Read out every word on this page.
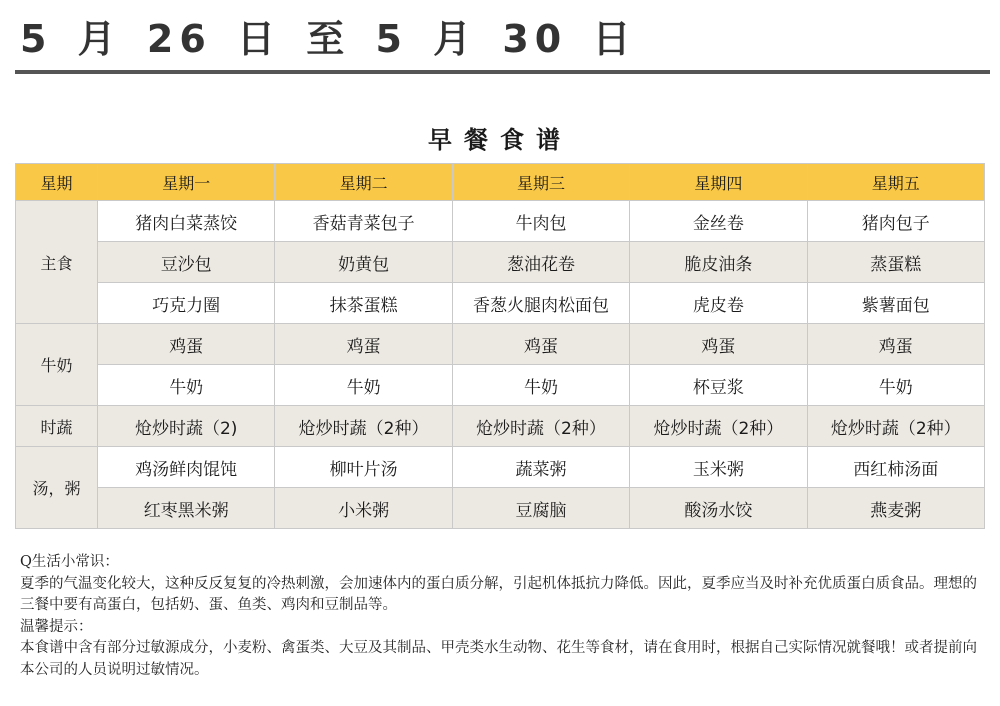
5 月 26 日 至 5 月 30 日
早餐食谱
星期	星期一	星期二	星期三	星期四	星期五
主食	猪肉白菜蒸饺	香菇青菜包子	牛肉包	金丝卷	猪肉包子
	豆沙包	奶黄包	葱油花卷	脆皮油条	蒸蛋糕
	巧克力圈	抹茶蛋糕	香葱火腿肉松面包	虎皮卷	紫薯面包
牛奶	鸡蛋	鸡蛋	鸡蛋	鸡蛋	鸡蛋
	牛奶	牛奶	牛奶	杯豆浆	牛奶
时蔬	炝炒时蔬（2)	炝炒时蔬（2种）	炝炒时蔬（2种）	炝炒时蔬（2种）	炝炒时蔬（2种）
汤，粥	鸡汤鲜肉馄饨	柳叶片汤	蔬菜粥	玉米粥	西红柿汤面
	红枣黑米粥	小米粥	豆腐脑	酸汤水饺	燕麦粥

Q生活小常识：

夏季的气温变化较大，这种反反复复的冷热刺激，会加速体内的蛋白质分解，引起机体抵抗力降低。因此，夏季应当及时补充优质蛋白质食品。理想的三餐中要有高蛋白，包括奶、蛋、鱼类、鸡肉和豆制品等。

温馨提示：

本食谱中含有部分过敏源成分，小麦粉、禽蛋类、大豆及其制品、甲壳类水生动物、花生等食材，请在食用时，根据自己实际情况就餐哦！或者提前向本公司的人员说明过敏情况。
